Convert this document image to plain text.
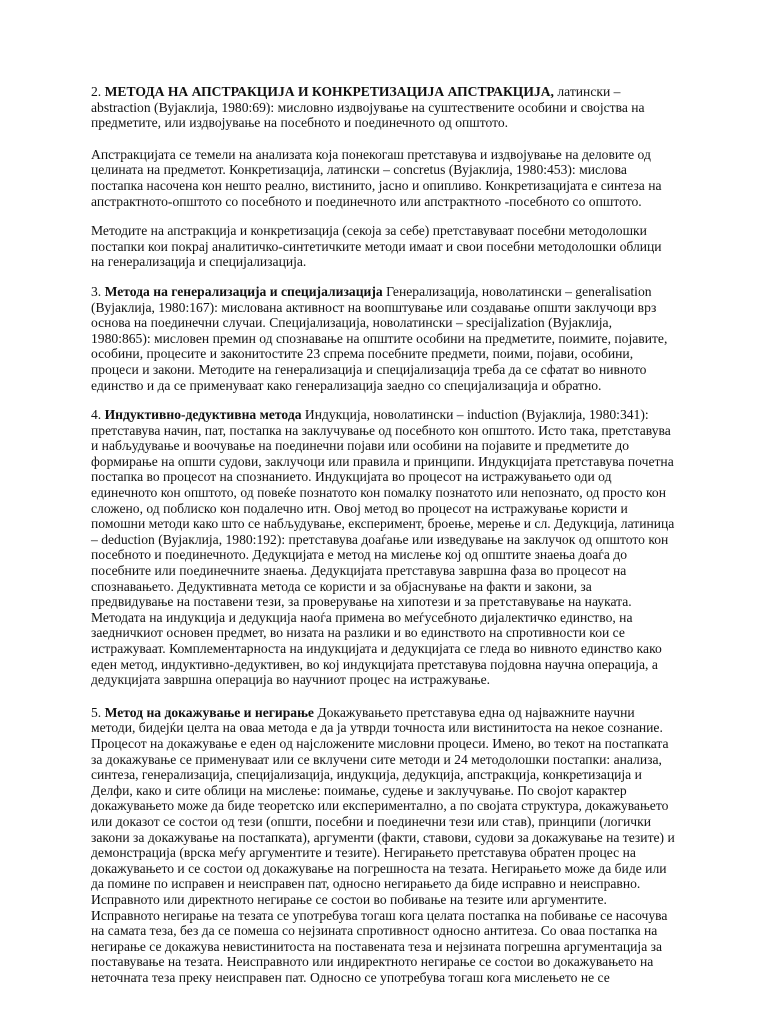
2. МЕТОДА НА АПСТРАКЦИЈА И КОНКРЕТИЗАЦИЈА АПСТРАКЦИЈА, латински – abstraction (Вујаклија, 1980:69): мисловно издвојување на суштествените особини и својства на предметите, или издвојување на посебното и поединечното од општото.

Апстракцијата се темели на анализата која понекогаш претставува и издвојување на деловите од целината на предметот. Конкретизација, латински – concretus (Вујаклија, 1980:453): мислова постапка насочена кон нешто реално, вистинито, јасно и опипливо. Конкретизацијата е синтеза на апстрактното-општото со посебното и поединечното или апстрактното -посебното со општото.

Методите на апстракција и конкретизација (секоја за себе) претставуваат посебни методолошки постапки кои покрај аналитичко-синтетичките методи имаат и свои посебни методолошки облици на генерализација и специјализација.

3. Метода на генерализација и специјализација Генерализација, новолатински – generalisation (Вујаклија, 1980:167): мислована активност на воопштување или создавање општи заклучоци врз основа на поединечни случаи. Специјализација, новолатински – specijalization (Вујаклија, 1980:865): мисловен премин од спознавање на општите особини на предметите, поимите, појавите, особини, процесите и законитостите 23 спрема посебните предмети, поими, појави, особини, процеси и закони. Методите на генерализација и специјализација треба да се сфатат во нивното единство и да се применуваат како генерализација заедно со специјализација и обратно.

4. Индуктивно-дедуктивна метода Индукција, новолатински – induction (Вујаклија, 1980:341): претставува начин, пат, постапка на заклучување од посебното кон општото. Исто така, претставува и набљудување и воочување на поединечни појави или особини на појавите и предметите до формирање на општи судови, заклучоци или правила и принципи. Индукцијата претставува почетна постапка во процесот на спознанието. Индукцијата во процесот на истражувањето оди од единечното кон општото, од повеќе познатото кон помалку познатото или непознато, од просто кон сложено, од поблиско кон подалечно итн. Овој метод во процесот на истражување користи и помошни методи како што се набљудување, експеримент, броење, мерење и сл. Дедукција, латиница – deduction (Вујаклија, 1980:192): претставува доаѓање или изведување на заклучок од општото кон посебното и поединечното. Дедукцијата е метод на мислење кој од општите знаења доаѓа до посебните или поединечните знаења. Дедукцијата претставува завршна фаза во процесот на спознавањето. Дедуктивната метода се користи и за објаснување на факти и закони, за предвидување на поставени тези, за проверување на хипотези и за претставување на науката. Методата на индукција и дедукција наоѓа примена во меѓусебното дијалектичко единство, на заедничкиот основен предмет, во низата на разлики и во единството на спротивности кои се истражуваат. Комплементарноста на индукцијата и дедукцијата се гледа во нивното единство како еден метод, индуктивно-дедуктивен, во кој индукцијата претставува појдовна научна операција, а дедукцијата завршна операција во научниот процес на истражување.

5. Метод на докажување и негирање Докажувањето претставува една од најважните научни методи, бидејќи целта на оваа метода е да ја утврди точноста или вистинитоста на некое сознание. Процесот на докажување е еден од најсложените мисловни процеси. Имено, во текот на постапката за докажување се применуваат или се вклучени сите методи и 24 методолошки постапки: анализа, синтеза, генерализација, специјализација, индукција, дедукција, апстракција, конкретизација и Делфи, како и сите облици на мислење: поимање, судење и заклучување. По својот карактер докажувањето може да биде теоретско или експериментално, а по својата структура, докажувањето или доказот се состои од тези (општи, посебни и поединечни тези или став), принципи (логички закони за докажување на постапката), аргументи (факти, ставови, судови за докажување на тезите) и демонстрација (врска меѓу аргументите и тезите). Негирањето претставува обратен процес на докажувањето и се состои од докажување на погрешноста на тезата. Негирањето може да биде или да помине по исправен и неисправен пат, односно негирањето да биде исправно и неисправно. Исправното или директното негирање се состои во побивање на тезите или аргументите. Исправното негирање на тезата се употребува тогаш кога целата постапка на побивање се насочува на самата теза, без да се помеша со нејзината спротивност односно антитеза. Со оваа постапка на негирање се докажува невистинитоста на поставената теза и нејзината погрешна аргументација за поставување на тезата. Неисправното или индиректното негирање се состои во докажувањето на неточната теза преку неисправен пат. Односно се употребува тогаш кога мислењето не се
